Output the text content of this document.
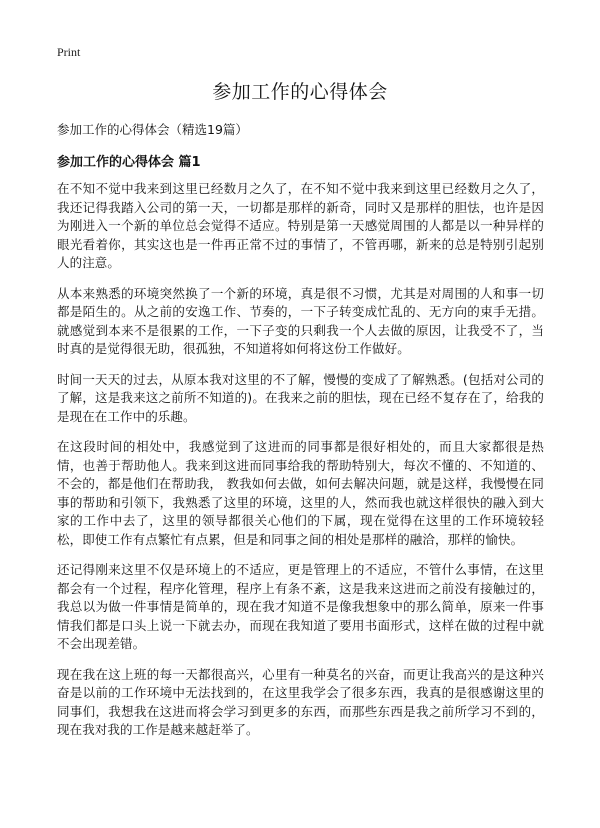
Print
参加工作的心得体会

参加工作的心得体会（精选19篇）

参加工作的心得体会 篇1

在不知不觉中我来到这里已经数月之久了，在不知不觉中我来到这里已经数月之久了，我还记得我踏入公司的第一天，一切都是那样的新奇，同时又是那样的胆怯，也许是因为刚进入一个新的单位总会觉得不适应。特别是第一天感觉周围的人都是以一种异样的眼光看着你，其实这也是一件再正常不过的事情了，不管再哪，新来的总是特别引起别人的注意。

从本来熟悉的环境突然换了一个新的环境，真是很不习惯，尤其是对周围的人和事一切都是陌生的。从之前的安逸工作、节奏的，一下子转变成忙乱的、无方向的束手无措。就感觉到本来不是很累的工作，一下子变的只剩我一个人去做的原因，让我受不了，当时真的是觉得很无助，很孤独，不知道将如何将这份工作做好。

时间一天天的过去，从原本我对这里的不了解，慢慢的变成了了解熟悉。(包括对公司的了解，这是我来这之前所不知道的)。在我来之前的胆怯，现在已经不复存在了，给我的是现在在工作中的乐趣。

在这段时间的相处中，我感觉到了这进而的同事都是很好相处的，而且大家都很是热情，也善于帮助他人。我来到这进而同事给我的帮助特别大，每次不懂的、不知道的、不会的，都是他们在帮助我， 教我如何去做，如何去解决问题，就是这样，我慢慢在同事的帮助和引领下，我熟悉了这里的环境，这里的人，然而我也就这样很快的融入到大家的工作中去了，这里的领导都很关心他们的下属，现在觉得在这里的工作环境较轻松，即使工作有点繁忙有点累，但是和同事之间的相处是那样的融洽，那样的愉快。

还记得刚来这里不仅是环境上的不适应，更是管理上的不适应，不管什么事情，在这里都会有一个过程，程序化管理，程序上有条不紊，这是我来这进而之前没有接触过的，我总以为做一件事情是简单的，现在我才知道不是像我想象中的那么简单，原来一件事情我们都是口头上说一下就去办，而现在我知道了要用书面形式，这样在做的过程中就不会出现差错。

现在我在这上班的每一天都很高兴，心里有一种莫名的兴奋，而更让我高兴的是这种兴奋是以前的工作环境中无法找到的，在这里我学会了很多东西，我真的是很感谢这里的同事们，我想我在这进而将会学习到更多的东西，而那些东西是我之前所学习不到的，现在我对我的工作是越来越赶举了。
